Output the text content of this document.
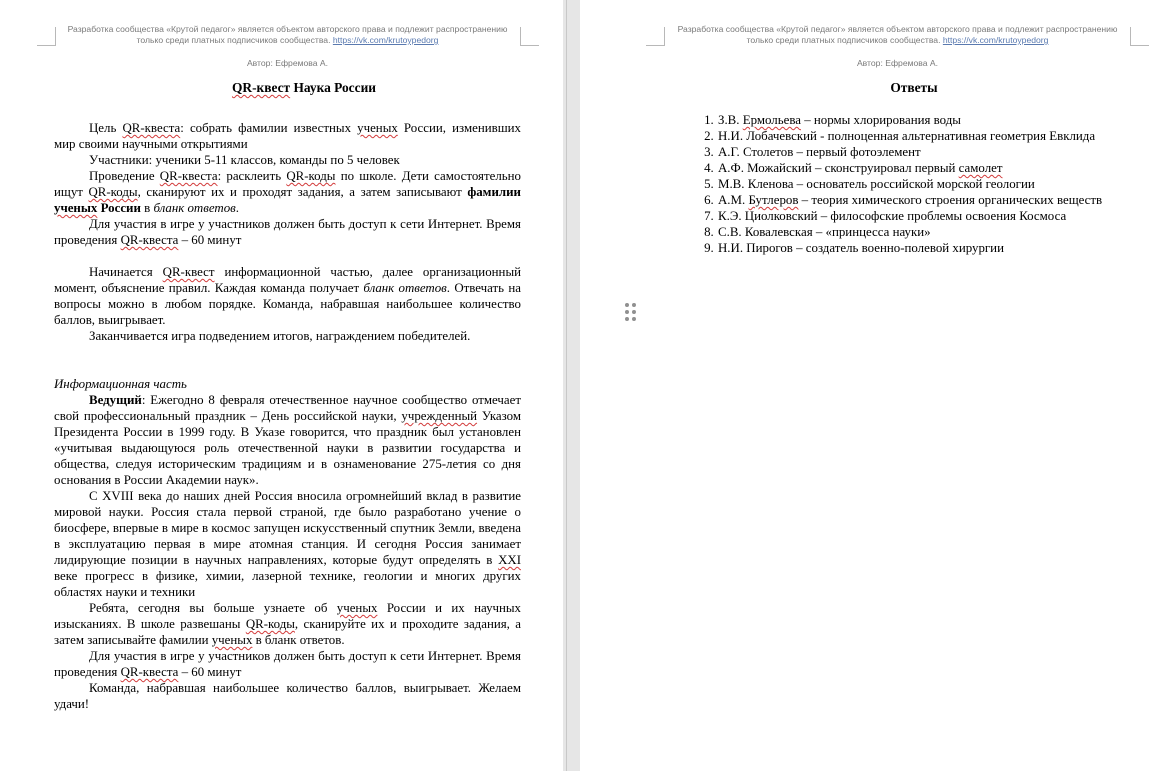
Разработка сообщества «Крутой педагог» является объектом авторского права и подлежит распространению
только среди платных подписчиков сообщества. https://vk.com/krutoypedorg
Автор: Ефремова А.
Разработка сообщества «Крутой педагог» является объектом авторского права и подлежит распространению
только среди платных подписчиков сообщества. https://vk.com/krutoypedorg
Автор: Ефремова А.
QR-квест Наука России

Цель QR-квеста: собрать фамилии известных ученых России, изменивших мир своими научными открытиями

Участники: ученики 5-11 классов, команды по 5 человек

Проведение QR-квеста: расклеить QR-коды по школе. Дети самостоятельно ищут QR-коды, сканируют их и проходят задания, а затем записывают фамилии ученых России в бланк ответов.

Для участия в игре у участников должен быть доступ к сети Интернет. Время проведения QR-квеста – 60 минут

Начинается QR-квест информационной частью, далее организационный момент, объяснение правил. Каждая команда получает бланк ответов. Отвечать на вопросы можно в любом порядке. Команда, набравшая наибольшее количество баллов, выигрывает.

Заканчивается игра подведением итогов, награждением победителей.

Информационная часть

Ведущий: Ежегодно 8 февраля отечественное научное сообщество отмечает свой профессиональный праздник – День российской науки, учрежденный Указом Президента России в 1999 году. В Указе говорится, что праздник был установлен «учитывая выдающуюся роль отечественной науки в развитии государства и общества, следуя историческим традициям и в ознаменование 275-летия со дня основания в России Академии наук».

С XVIII века до наших дней Россия вносила огромнейший вклад в развитие мировой науки. Россия стала первой страной, где было разработано учение о биосфере, впервые в мире в космос запущен искусственный спутник Земли, введена в эксплуатацию первая в мире атомная станция. И сегодня Россия занимает лидирующие позиции в научных направлениях, которые будут определять в XXI веке прогресс в физике, химии, лазерной технике, геологии и многих других областях науки и техники

Ребята, сегодня вы больше узнаете об ученых России и их научных изысканиях. В школе развешаны QR-коды, сканируйте их и проходите задания, а затем записывайте фамилии ученых в бланк ответов.

Для участия в игре у участников должен быть доступ к сети Интернет. Время проведения QR-квеста – 60 минут

Команда, набравшая наибольшее количество баллов, выигрывает. Желаем удачи!

Ответы
1. З.В. Ермольева – нормы хлорирования воды
2. Н.И. Лобачевский - полноценная альтернативная геометрия Евклида
3. А.Г. Столетов – первый фотоэлемент
4. А.Ф. Можайский – сконструировал первый самолет
5. М.В. Кленова – основатель российской морской геологии
6. А.М. Бутлеров – теория химического строения органических веществ
7. К.Э. Циолковский – философские проблемы освоения Космоса
8. С.В. Ковалевская – «принцесса науки»
9. Н.И. Пирогов – создатель военно-полевой хирургии
